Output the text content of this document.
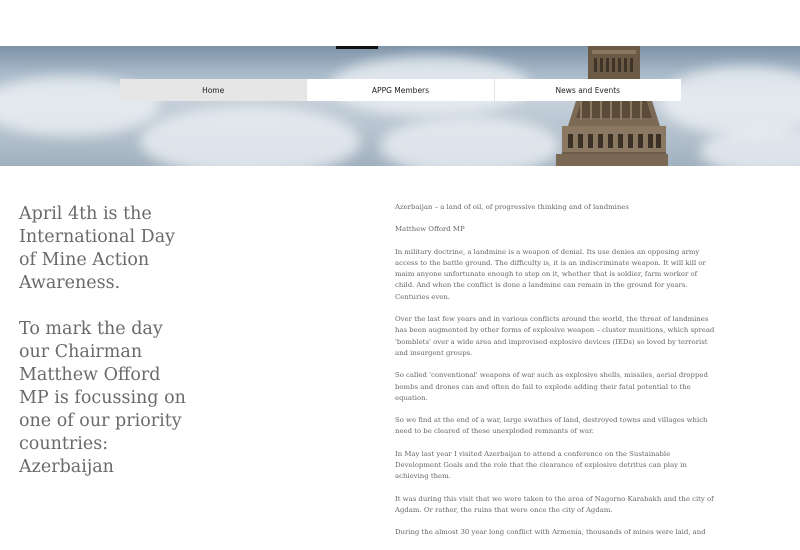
Home	APPG Members	News and Events

April 4th is the International Day of Mine Action Awareness.

To mark the day our Chairman Matthew Offord MP is focussing on one of our priority countries: Azerbaijan

Azerbaijan – a land of oil, of progressive thinking and of landmines

Matthew Offord MP

In military doctrine, a landmine is a weapon of denial. Its use denies an opposing army access to the battle ground. The difficulty is, it is an indiscriminate weapon. It will kill or maim anyone unfortunate enough to step on it, whether that is soldier, farm worker of child. And when the conflict is done a landmine can remain in the ground for years. Centuries even.

Over the last few years and in various conflicts around the world, the threat of landmines has been augmented by other forms of explosive weapon – cluster munitions, which spread 'bomblets' over a wide area and improvised explosive devices (IEDs) so loved by terrorist and insurgent groups.

So called 'conventional' weapons of war such as explosive shells, missiles, aerial dropped bombs and drones can and often do fail to explode adding their fatal potential to the equation.

So we find at the end of a war, large swathes of land, destroyed towns and villages which need to be cleared of these unexploded remnants of war.

In May last year I visited Azerbaijan to attend a conference on the Sustainable Development Goals and the role that the clearance of explosive detritus can play in achieving them.

It was during this visit that we were taken to the area of Nagorno Karabakh and the city of Agdam. Or rather, the ruins that were once the city of Agdam.

During the almost 30 year long conflict with Armenia, thousands of mines were laid, and
